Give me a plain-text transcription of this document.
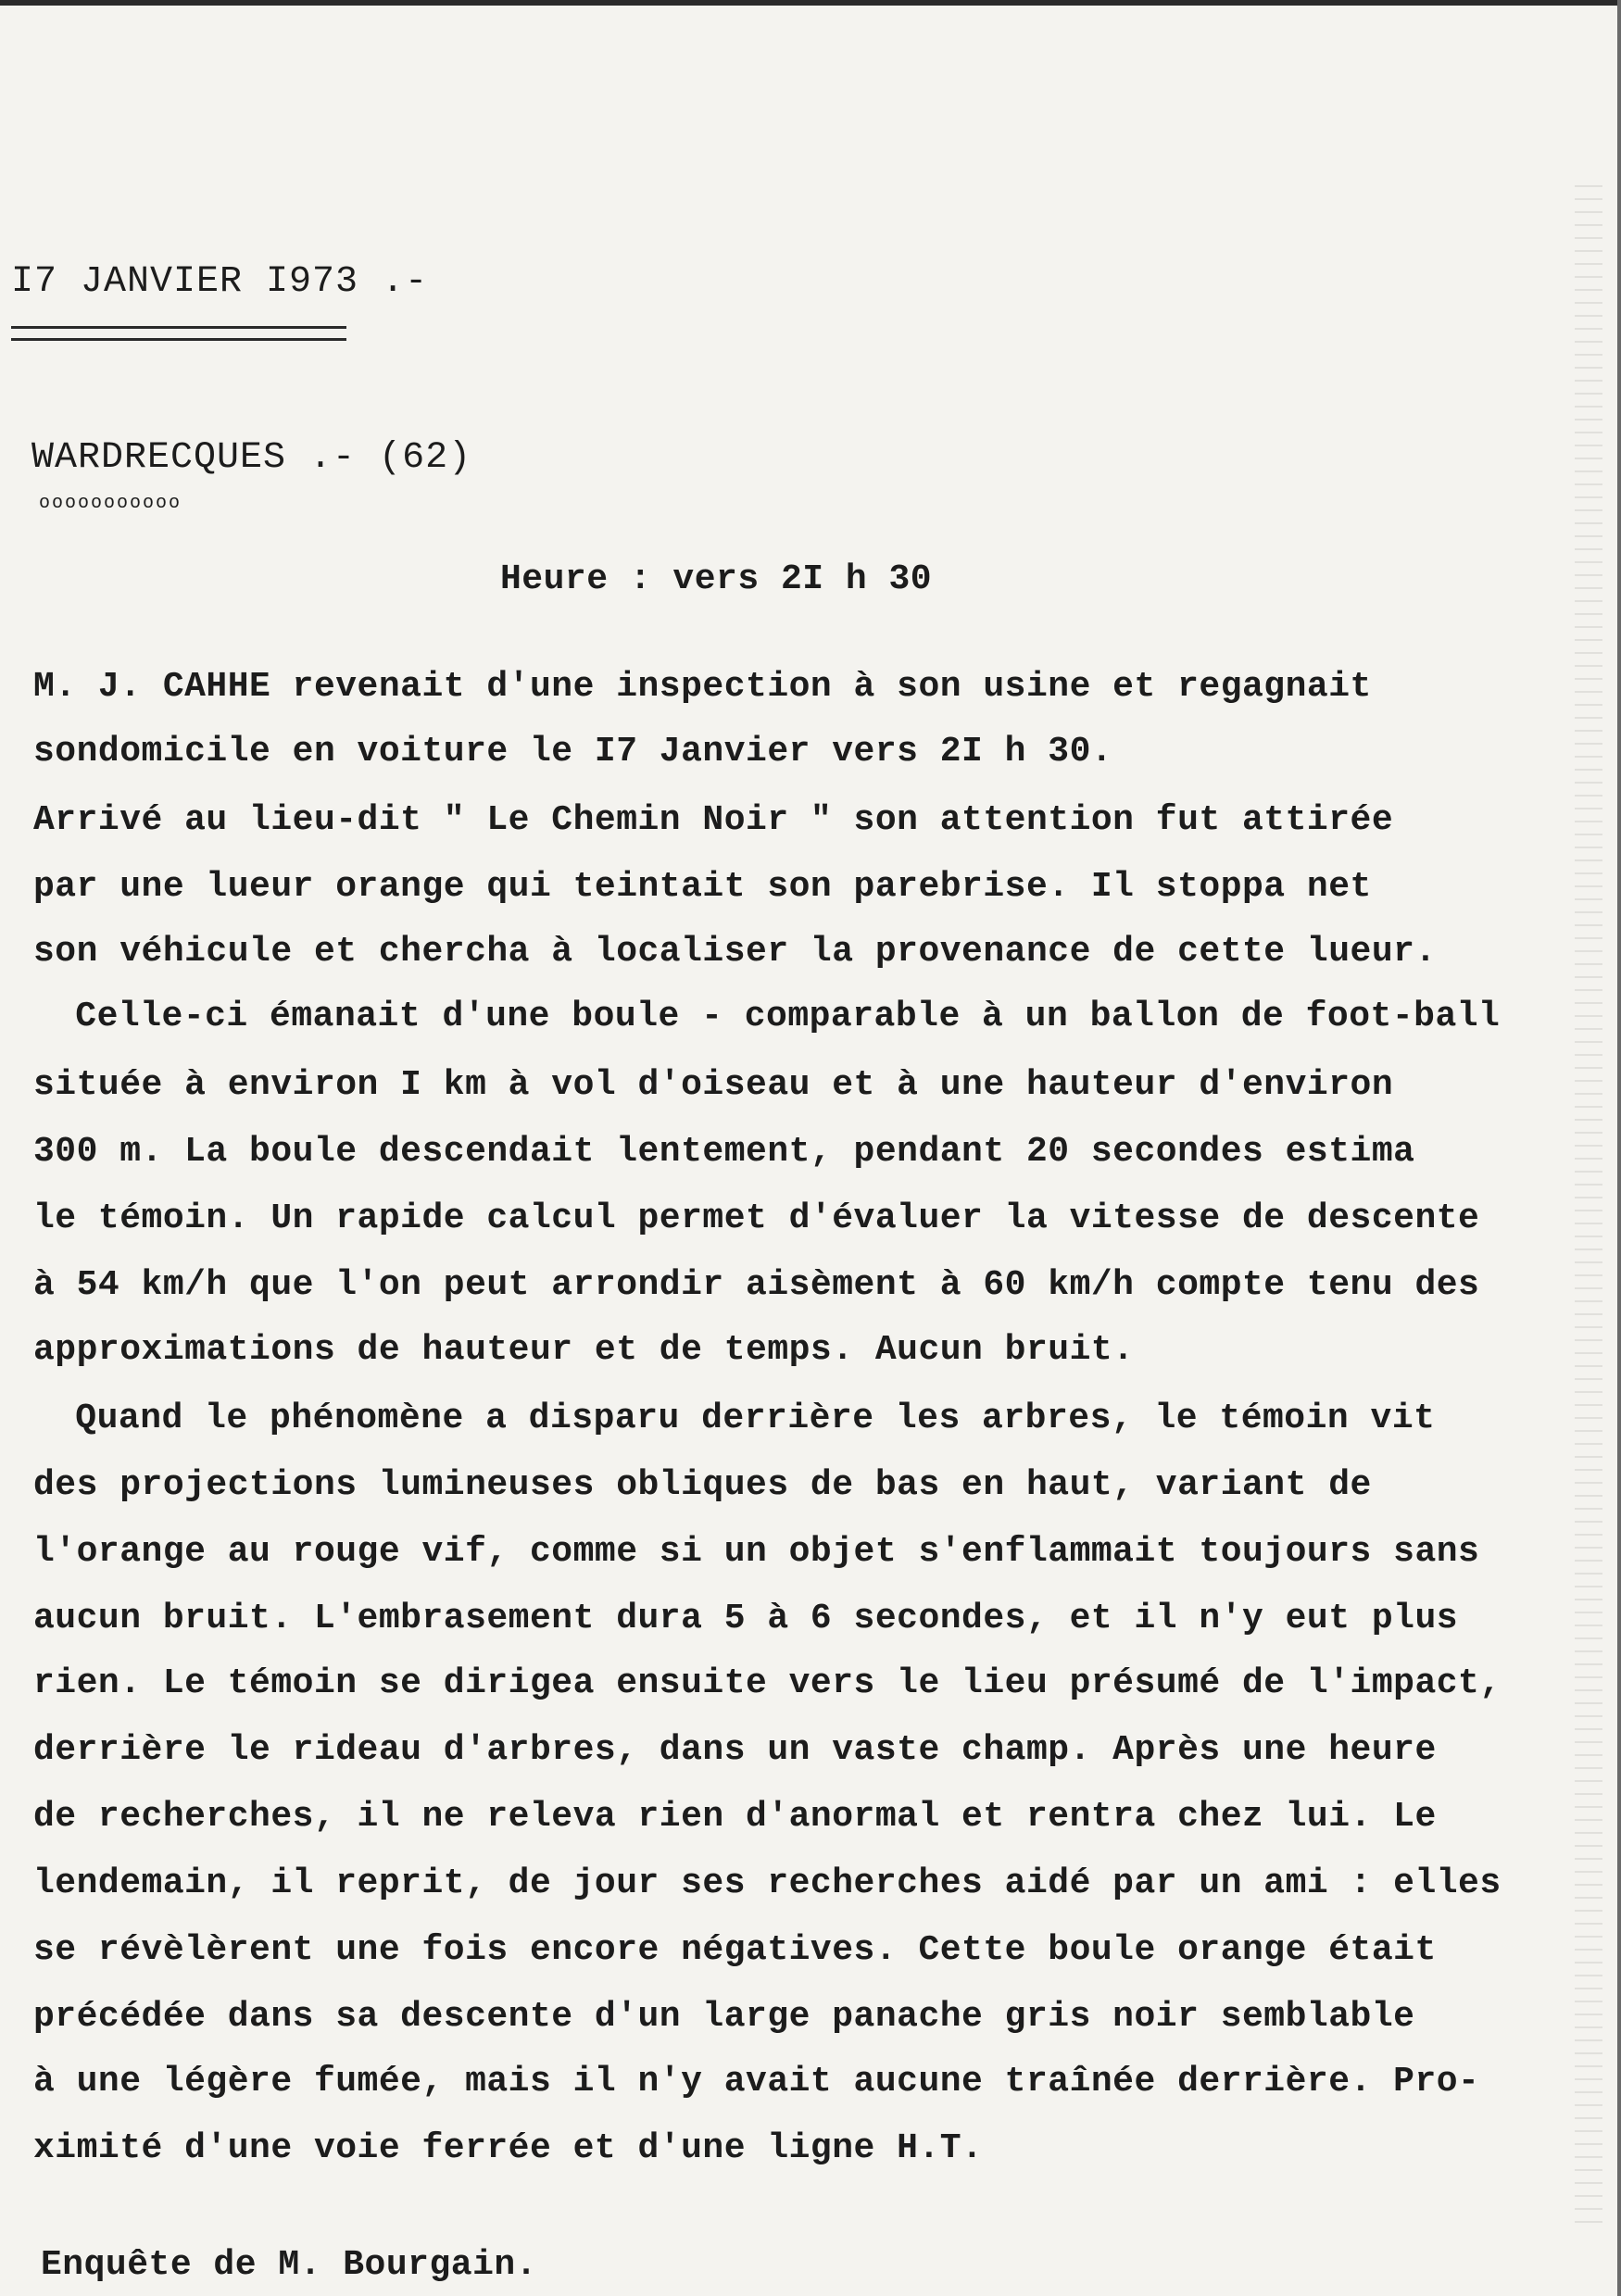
I7 JANVIER I973 .-
WARDRECQUES .- (62)
ooooooooooo
Heure : vers 2I h 30
M. J. CAHHE revenait d'une inspection à son usine et regagnait
sondomicile en voiture le I7 Janvier vers 2I h 30.
Arrivé au lieu-dit " Le Chemin Noir " son attention fut attirée
par une lueur orange qui teintait son parebrise. Il stoppa net
son véhicule et chercha à localiser la provenance de cette lueur.
Celle-ci émanait d'une boule - comparable à un ballon de foot-ball
située à environ I km à vol d'oiseau et à une hauteur d'environ
300 m. La boule descendait lentement, pendant 20 secondes estima
le témoin. Un rapide calcul permet d'évaluer la vitesse de descente
à 54 km/h que l'on peut arrondir aisèment à 60 km/h compte tenu des
approximations de hauteur et de temps. Aucun bruit.
Quand le phénomène a disparu derrière les arbres, le témoin vit
des projections lumineuses obliques de bas en haut, variant de
l'orange au rouge vif, comme si un objet s'enflammait toujours sans
aucun bruit. L'embrasement dura 5 à 6 secondes, et il n'y eut plus
rien. Le témoin se dirigea ensuite vers le lieu présumé de l'impact,
derrière le rideau d'arbres, dans un vaste champ. Après une heure
de recherches, il ne releva rien d'anormal et rentra chez lui. Le
lendemain, il reprit, de jour ses recherches aidé par un ami : elles
se révèlèrent une fois encore négatives. Cette boule orange était
précédée dans sa descente d'un large panache gris noir semblable
à une légère fumée, mais il n'y avait aucune traînée derrière. Pro-
ximité d'une voie ferrée et d'une ligne H.T.
Enquête de M. Bourgain.
